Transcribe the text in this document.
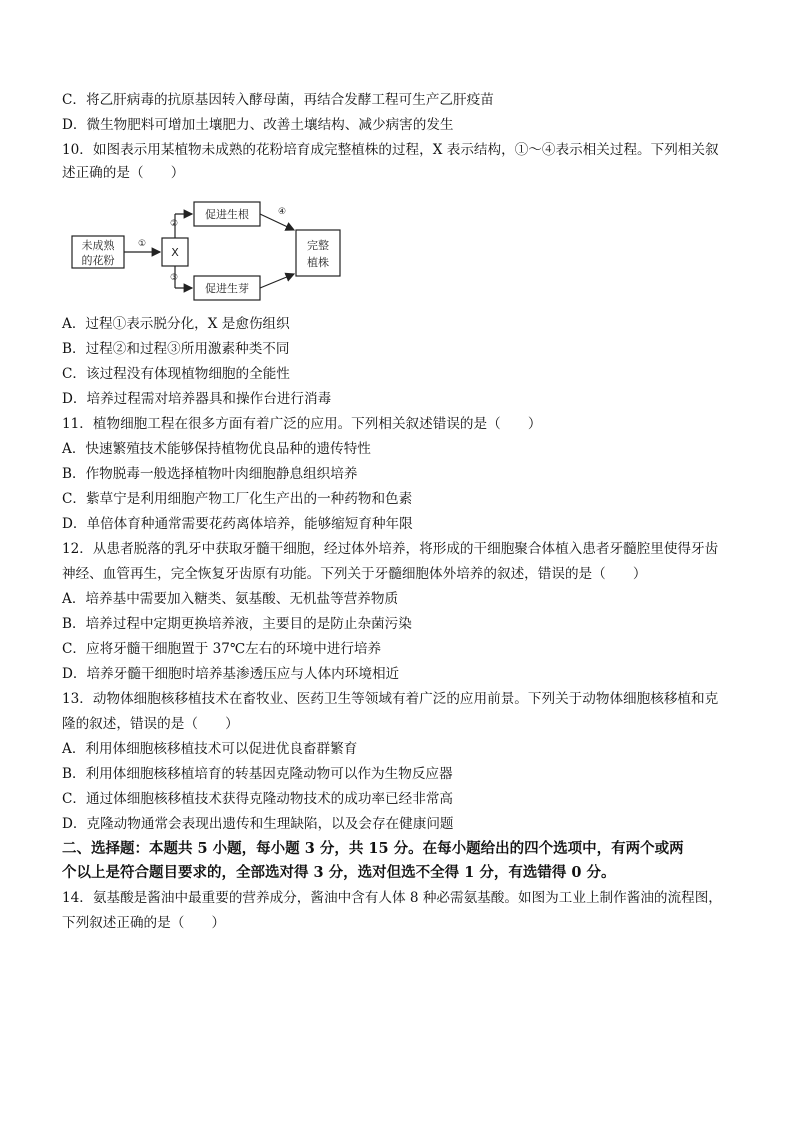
C．将乙肝病毒的抗原基因转入酵母菌，再结合发酵工程可生产乙肝疫苗
D．微生物肥料可增加土壤肥力、改善土壤结构、减少病害的发生
10．如图表示用某植物未成熟的花粉培育成完整植株的过程，X 表示结构，①～④表示相关过程。下列相关叙
述正确的是（　　）
未成熟
的花粉
①
X
②
促进生根
③
促进生芽
④
完整
植株
A．过程①表示脱分化，X 是愈伤组织
B．过程②和过程③所用激素种类不同
C．该过程没有体现植物细胞的全能性
D．培养过程需对培养器具和操作台进行消毒
11．植物细胞工程在很多方面有着广泛的应用。下列相关叙述错误的是（　　）
A．快速繁殖技术能够保持植物优良品种的遗传特性
B．作物脱毒一般选择植物叶肉细胞静息组织培养
C．紫草宁是利用细胞产物工厂化生产出的一种药物和色素
D．单倍体育种通常需要花药离体培养，能够缩短育种年限
12．从患者脱落的乳牙中获取牙髓干细胞，经过体外培养，将形成的干细胞聚合体植入患者牙髓腔里使得牙齿
神经、血管再生，完全恢复牙齿原有功能。下列关于牙髓细胞体外培养的叙述，错误的是（　　）
A．培养基中需要加入糖类、氨基酸、无机盐等营养物质
B．培养过程中定期更换培养液，主要目的是防止杂菌污染
C．应将牙髓干细胞置于 37℃左右的环境中进行培养
D．培养牙髓干细胞时培养基渗透压应与人体内环境相近
13．动物体细胞核移植技术在畜牧业、医药卫生等领域有着广泛的应用前景。下列关于动物体细胞核移植和克
隆的叙述，错误的是（　　）
A．利用体细胞核移植技术可以促进优良畜群繁育
B．利用体细胞核移植培育的转基因克隆动物可以作为生物反应器
C．通过体细胞核移植技术获得克隆动物技术的成功率已经非常高
D．克隆动物通常会表现出遗传和生理缺陷，以及会存在健康问题
二、选择题：本题共 5 小题，每小题 3 分，共 15 分。在每小题给出的四个选项中，有两个或两
个以上是符合题目要求的，全部选对得 3 分，选对但选不全得 1 分，有选错得 0 分。
14．氨基酸是酱油中最重要的营养成分，酱油中含有人体 8 种必需氨基酸。如图为工业上制作酱油的流程图，
下列叙述正确的是（　　）
